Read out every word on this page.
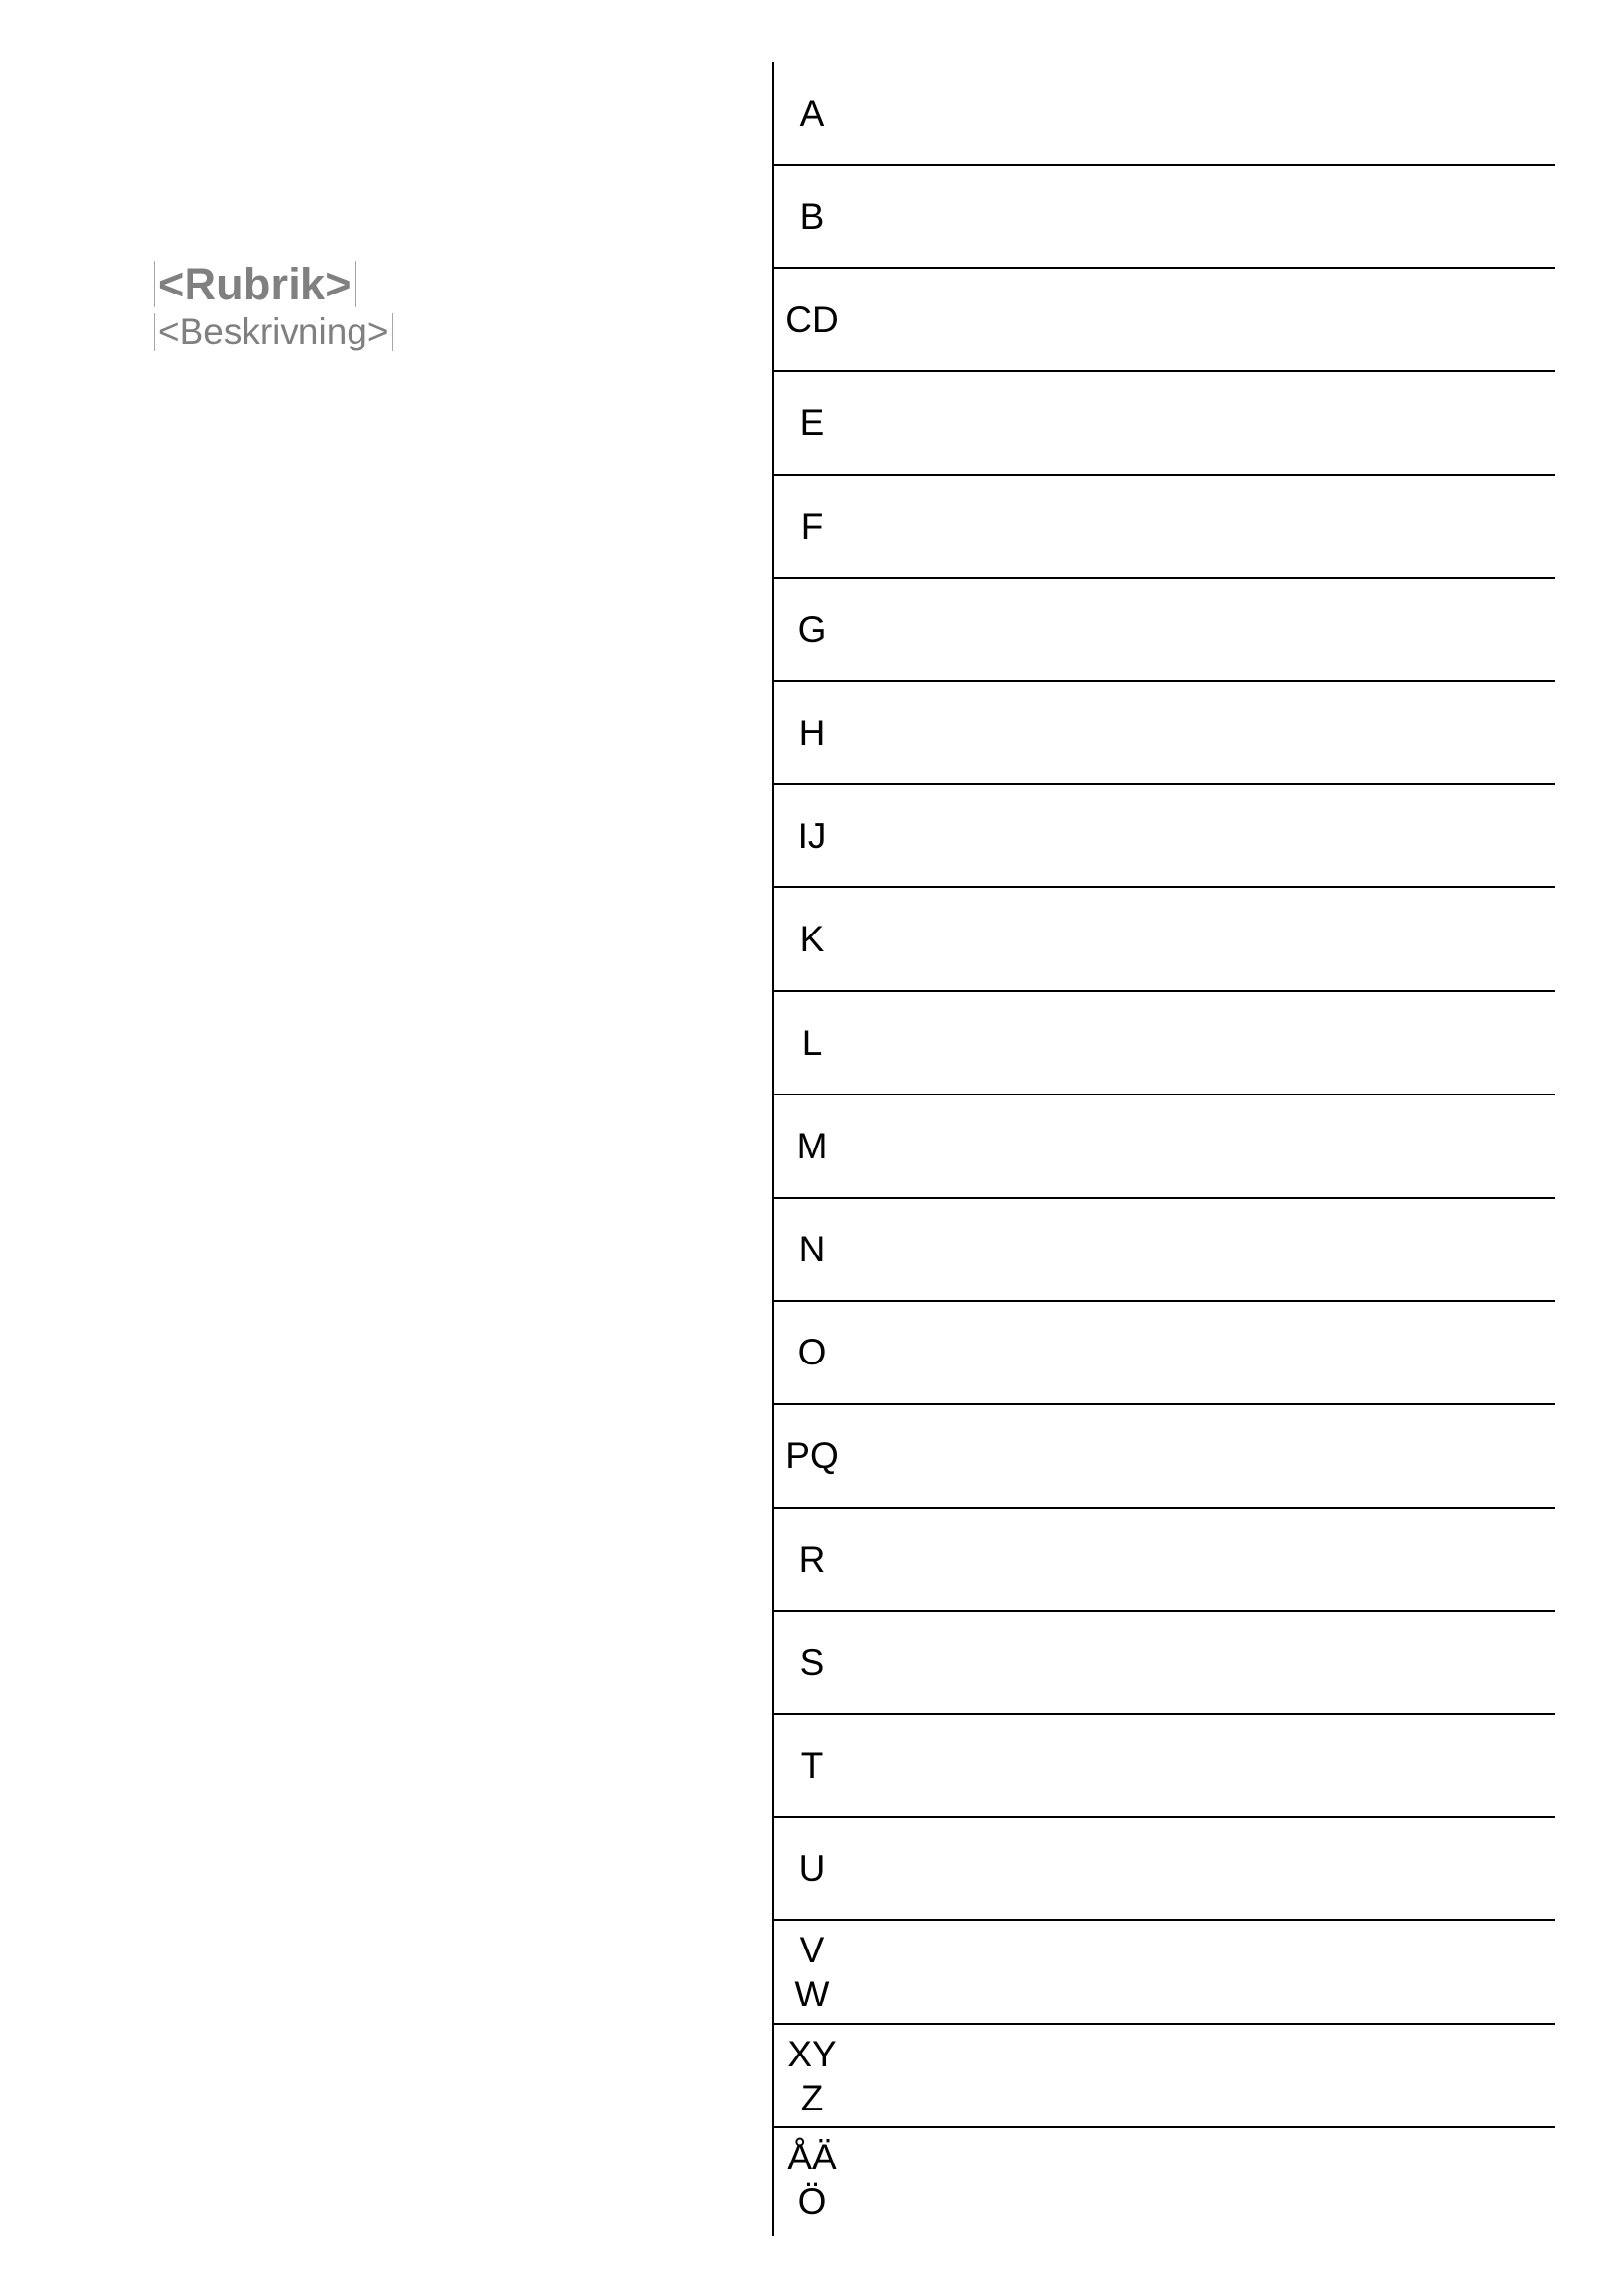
<Rubrik>
<Beskrivning>
A
B
CD
E
F
G
H
IJ
K
L
M
N
O
PQ
R
S
T
U
V
W
XY
Z
ÅÄ
Ö
